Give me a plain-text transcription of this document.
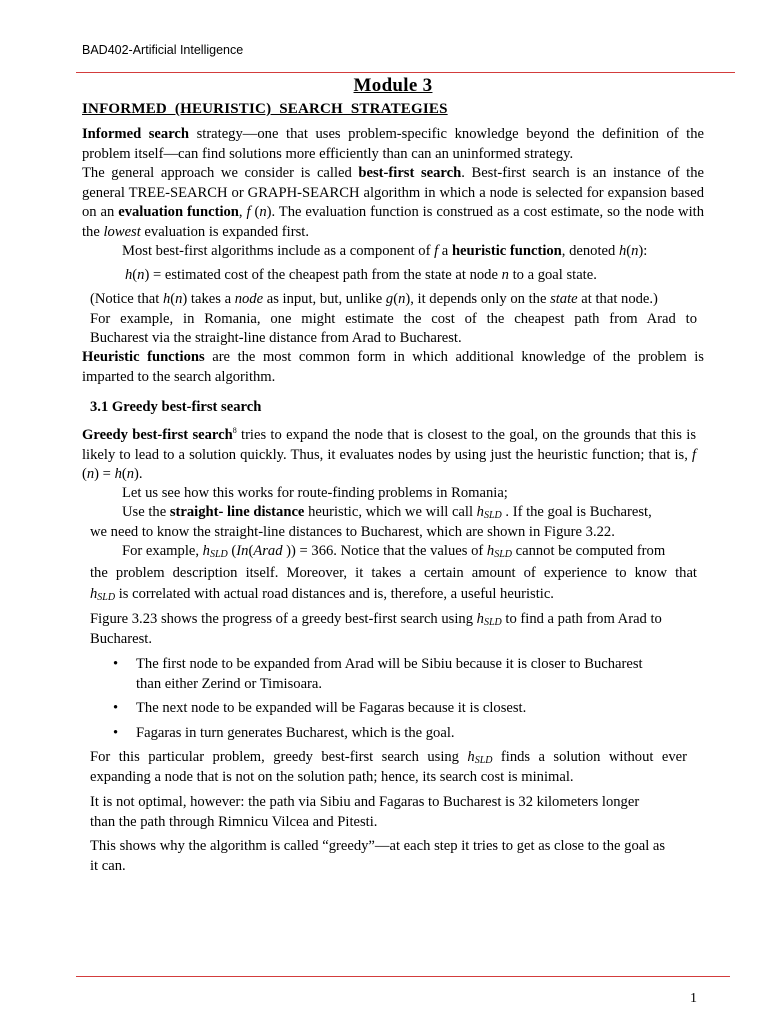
BAD402-Artificial Intelligence
Module 3
INFORMED (HEURISTIC) SEARCH STRATEGIES
Informed search strategy—one that uses problem-specific knowledge beyond the definition of the problem itself—can find solutions more efficiently than can an uninformed strategy.
The general approach we consider is called best-first search. Best-first search is an instance of the general TREE-SEARCH or GRAPH-SEARCH algorithm in which a node is selected for expansion based on an evaluation function, f (n). The evaluation function is construed as a cost estimate, so the node with the lowest evaluation is expanded first.
Most best-first algorithms include as a component of f a heuristic function, denoted h(n):
h(n) = estimated cost of the cheapest path from the state at node n to a goal state.
(Notice that h(n) takes a node as input, but, unlike g(n), it depends only on the state at that node.)
For example, in Romania, one might estimate the cost of the cheapest path from Arad to
Bucharest via the straight-line distance from Arad to Bucharest.
Heuristic functions are the most common form in which additional knowledge of the problem is imparted to the search algorithm.
3.1 Greedy best-first search
Greedy best-first search$^8$ tries to expand the node that is closest to the goal, on the grounds that this is likely to lead to a solution quickly. Thus, it evaluates nodes by using just the heuristic function; that is, f (n) = h(n).
Let us see how this works for route-finding problems in Romania;
Use the straight- line distance heuristic, which we will call $h_{SLD}$ . If the goal is Bucharest,
we need to know the straight-line distances to Bucharest, which are shown in Figure 3.22.
For example, $h_{SLD}$ (In(Arad )) = 366. Notice that the values of $h_{SLD}$ cannot be computed from
the problem description itself. Moreover, it takes a certain amount of experience to know that
$h_{SLD}$ is correlated with actual road distances and is, therefore, a useful heuristic.
Figure 3.23 shows the progress of a greedy best-first search using $h_{SLD}$ to find a path from Arad to
Bucharest.
• The first node to be expanded from Arad will be Sibiu because it is closer to Bucharest
than either Zerind or Timisoara.
• The next node to be expanded will be Fagaras because it is closest.
• Fagaras in turn generates Bucharest, which is the goal.
For this particular problem, greedy best-first search using $h_{SLD}$ finds a solution without ever
expanding a node that is not on the solution path; hence, its search cost is minimal.
It is not optimal, however: the path via Sibiu and Fagaras to Bucharest is 32 kilometers longer
than the path through Rimnicu Vilcea and Pitesti.
This shows why the algorithm is called “greedy”—at each step it tries to get as close to the goal as
it can.
1
